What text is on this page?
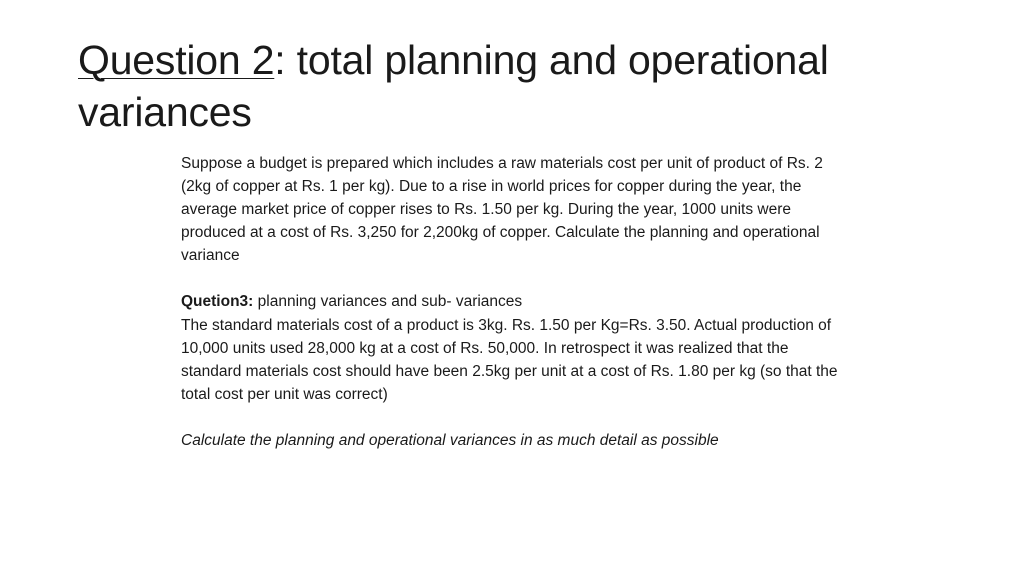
Question 2: total planning and operational variances

Suppose a budget is prepared which includes a raw materials cost per unit of product of Rs. 2 (2kg of copper at Rs. 1 per kg). Due to a rise in world prices for copper during the year, the average market price of copper rises to Rs. 1.50 per kg. During the year, 1000 units were produced at a cost of Rs. 3,250 for 2,200kg of copper. Calculate the planning and operational variance

Quetion3: planning variances and sub- variances

The standard materials cost of a product is 3kg. Rs. 1.50 per Kg=Rs. 3.50. Actual production of 10,000 units used 28,000 kg at a cost of Rs. 50,000. In retrospect it was realized that the standard materials cost should have been 2.5kg per unit at a cost of Rs. 1.80 per kg (so that the total cost per unit was correct)

Calculate the planning and operational variances in as much detail as possible
